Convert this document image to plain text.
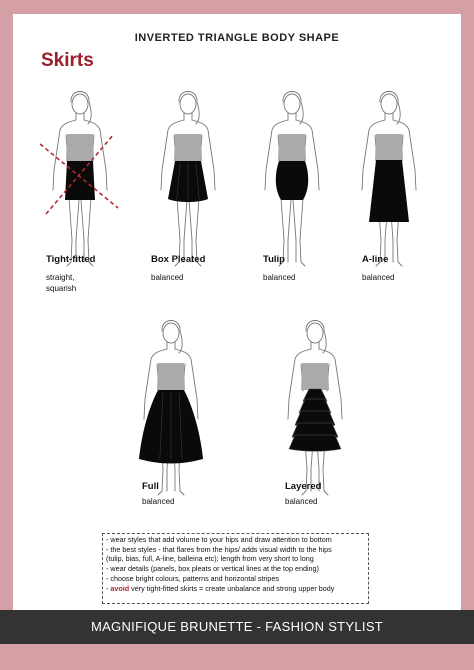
INVERTED TRIANGLE BODY SHAPE
Skirts
- wear styles that add volume to your hips and draw attention to bottom
- the best styles - that flares from the hips/ adds visual width to the hips
(tulip, bias, full, A-line, balleina etc); length from very short to long
- wear details (panels, box pleats or vertical lines at the top ending)
- choose bright colours, patterns and horizontal stripes
- avoid very tight-fitted skirts = create unbalance and strong upper body
Tight-fitted
straight,
squarish
Box Pleated
balanced
Tulip
balanced
A-line
balanced
Full
balanced
Layered
balanced
MAGNIFIQUE BRUNETTE - FASHION STYLIST
